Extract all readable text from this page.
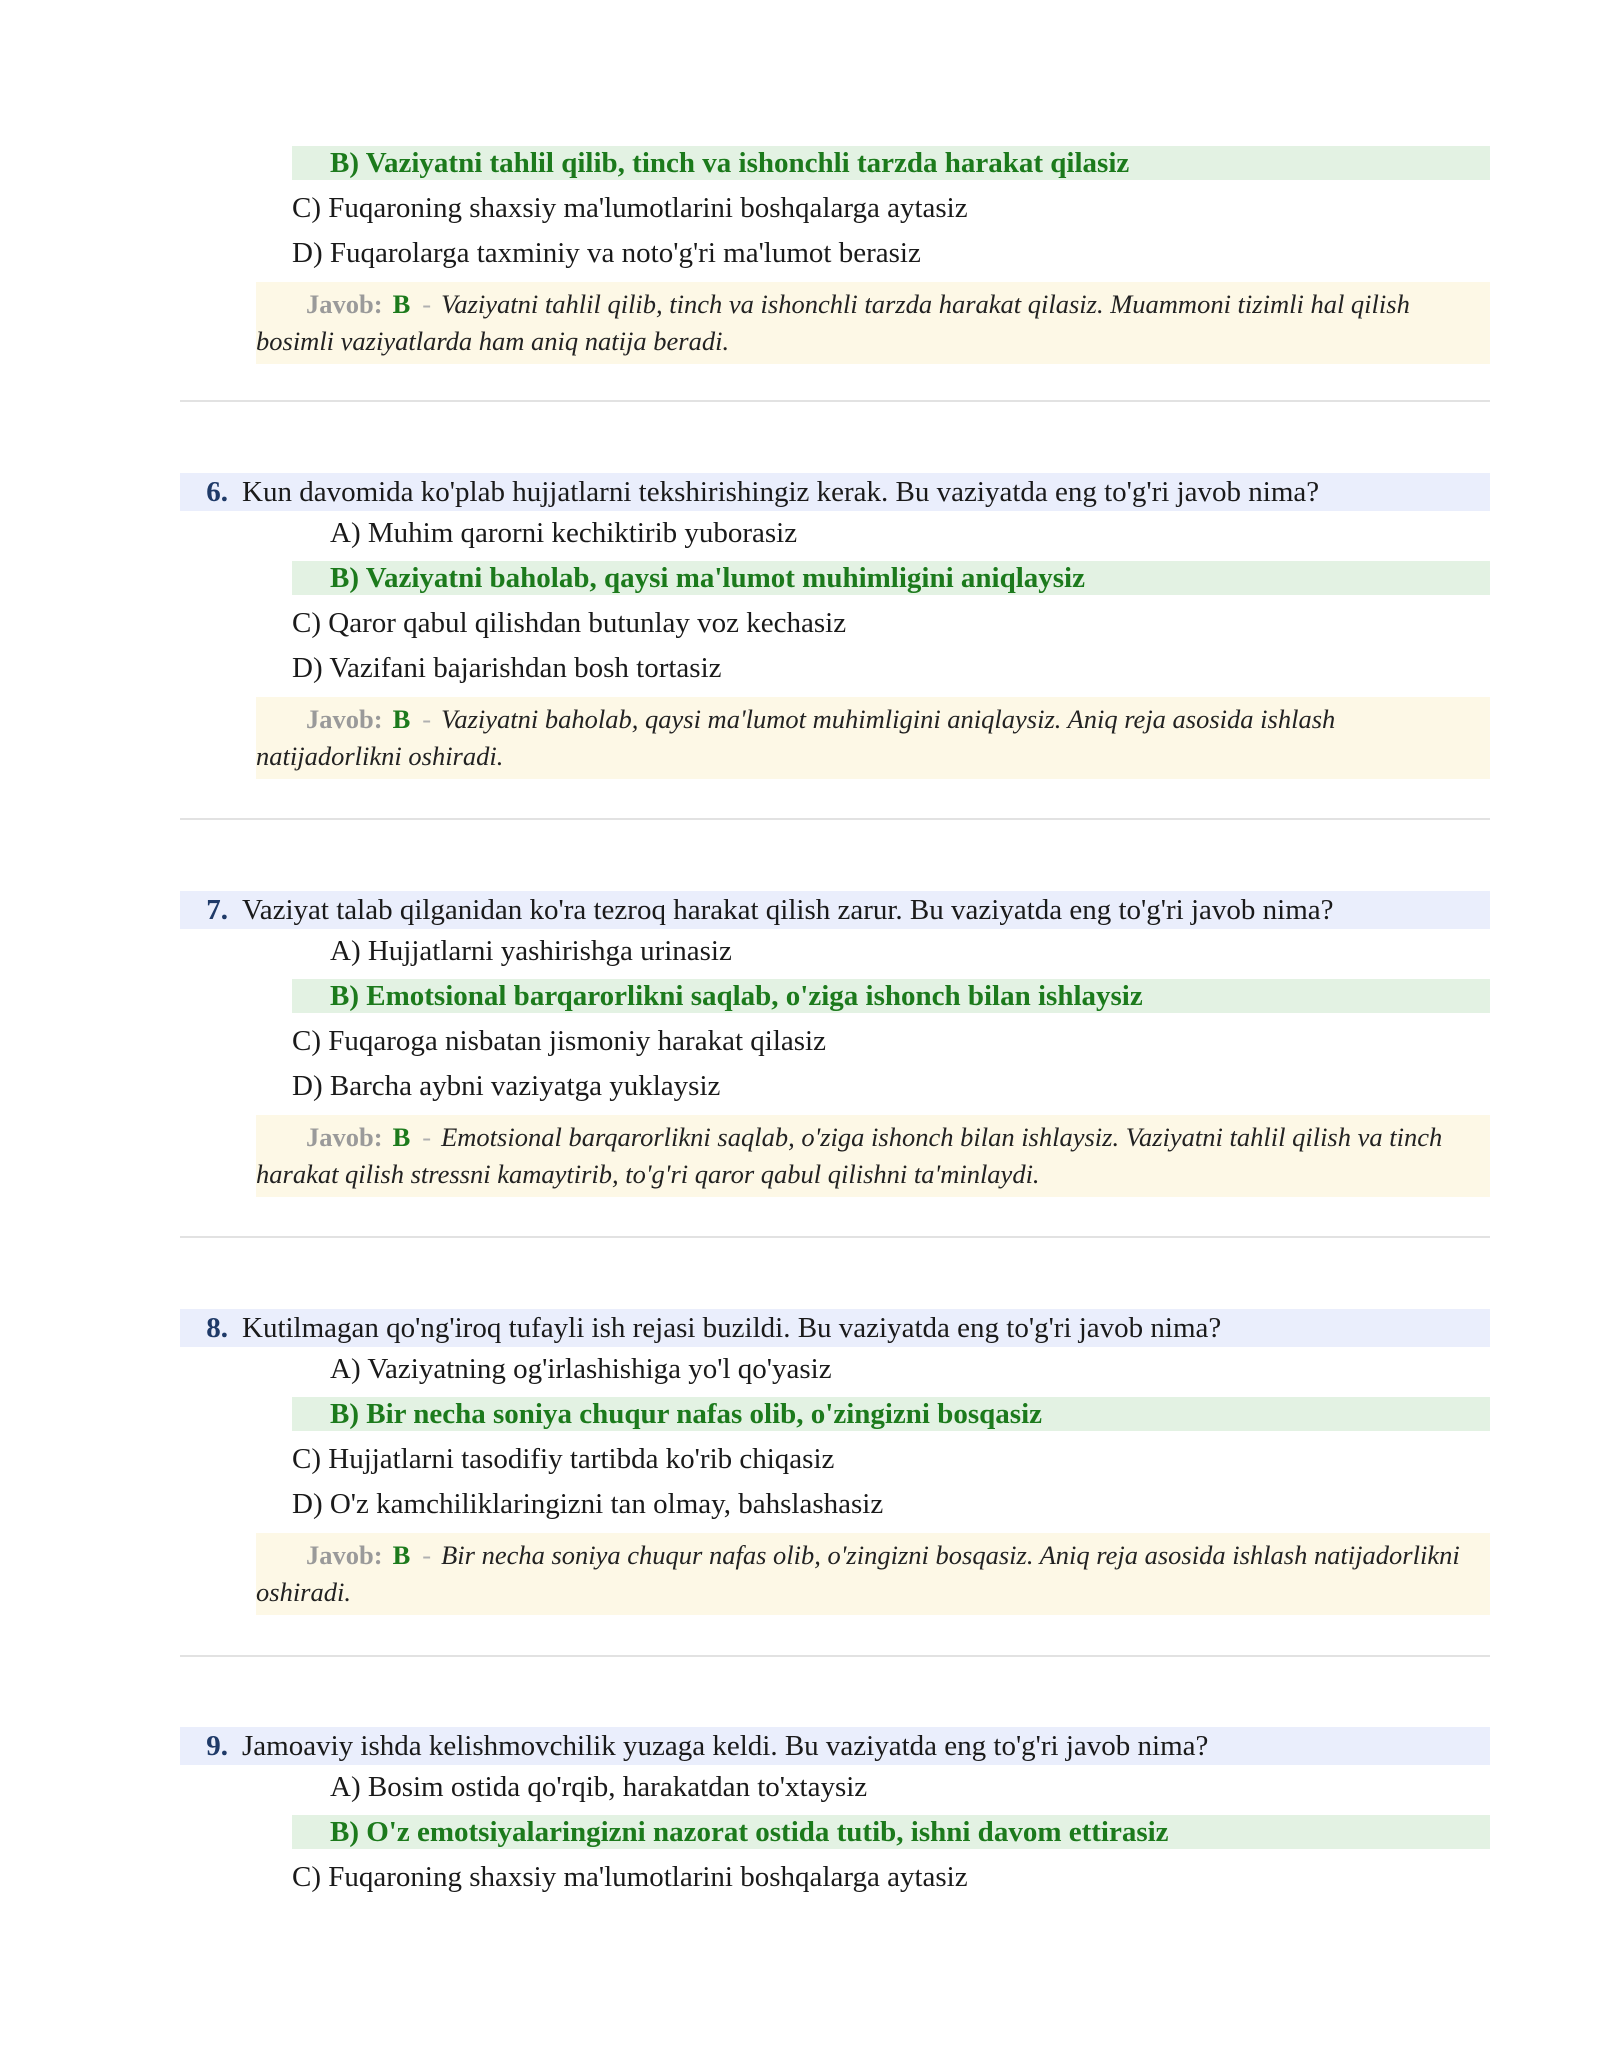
B) Vaziyatni tahlil qilib, tinch va ishonchli tarzda harakat qilasiz
C) Fuqaroning shaxsiy ma'lumotlarini boshqalarga aytasiz
D) Fuqarolarga taxminiy va noto'g'ri ma'lumot berasiz
Javob: B - Vaziyatni tahlil qilib, tinch va ishonchli tarzda harakat qilasiz. Muammoni tizimli hal qilish bosimli vaziyatlarda ham aniq natija beradi.
6. Kun davomida ko'plab hujjatlarni tekshirishingiz kerak. Bu vaziyatda eng to'g'ri javob nima?
A) Muhim qarorni kechiktirib yuborasiz
B) Vaziyatni baholab, qaysi ma'lumot muhimligini aniqlaysiz
C) Qaror qabul qilishdan butunlay voz kechasiz
D) Vazifani bajarishdan bosh tortasiz
Javob: B - Vaziyatni baholab, qaysi ma'lumot muhimligini aniqlaysiz. Aniq reja asosida ishlash natijadorlikni oshiradi.
7. Vaziyat talab qilganidan ko'ra tezroq harakat qilish zarur. Bu vaziyatda eng to'g'ri javob nima?
A) Hujjatlarni yashirishga urinasiz
B) Emotsional barqarorlikni saqlab, o'ziga ishonch bilan ishlaysiz
C) Fuqaroga nisbatan jismoniy harakat qilasiz
D) Barcha aybni vaziyatga yuklaysiz
Javob: B - Emotsional barqarorlikni saqlab, o'ziga ishonch bilan ishlaysiz. Vaziyatni tahlil qilish va tinch harakat qilish stressni kamaytirib, to'g'ri qaror qabul qilishni ta'minlaydi.
8. Kutilmagan qo'ng'iroq tufayli ish rejasi buzildi. Bu vaziyatda eng to'g'ri javob nima?
A) Vaziyatning og'irlashishiga yo'l qo'yasiz
B) Bir necha soniya chuqur nafas olib, o'zingizni bosqasiz
C) Hujjatlarni tasodifiy tartibda ko'rib chiqasiz
D) O'z kamchiliklaringizni tan olmay, bahslashasiz
Javob: B - Bir necha soniya chuqur nafas olib, o'zingizni bosqasiz. Aniq reja asosida ishlash natijadorlikni oshiradi.
9. Jamoaviy ishda kelishmovchilik yuzaga keldi. Bu vaziyatda eng to'g'ri javob nima?
A) Bosim ostida qo'rqib, harakatdan to'xtaysiz
B) O'z emotsiyalaringizni nazorat ostida tutib, ishni davom ettirasiz
C) Fuqaroning shaxsiy ma'lumotlarini boshqalarga aytasiz
